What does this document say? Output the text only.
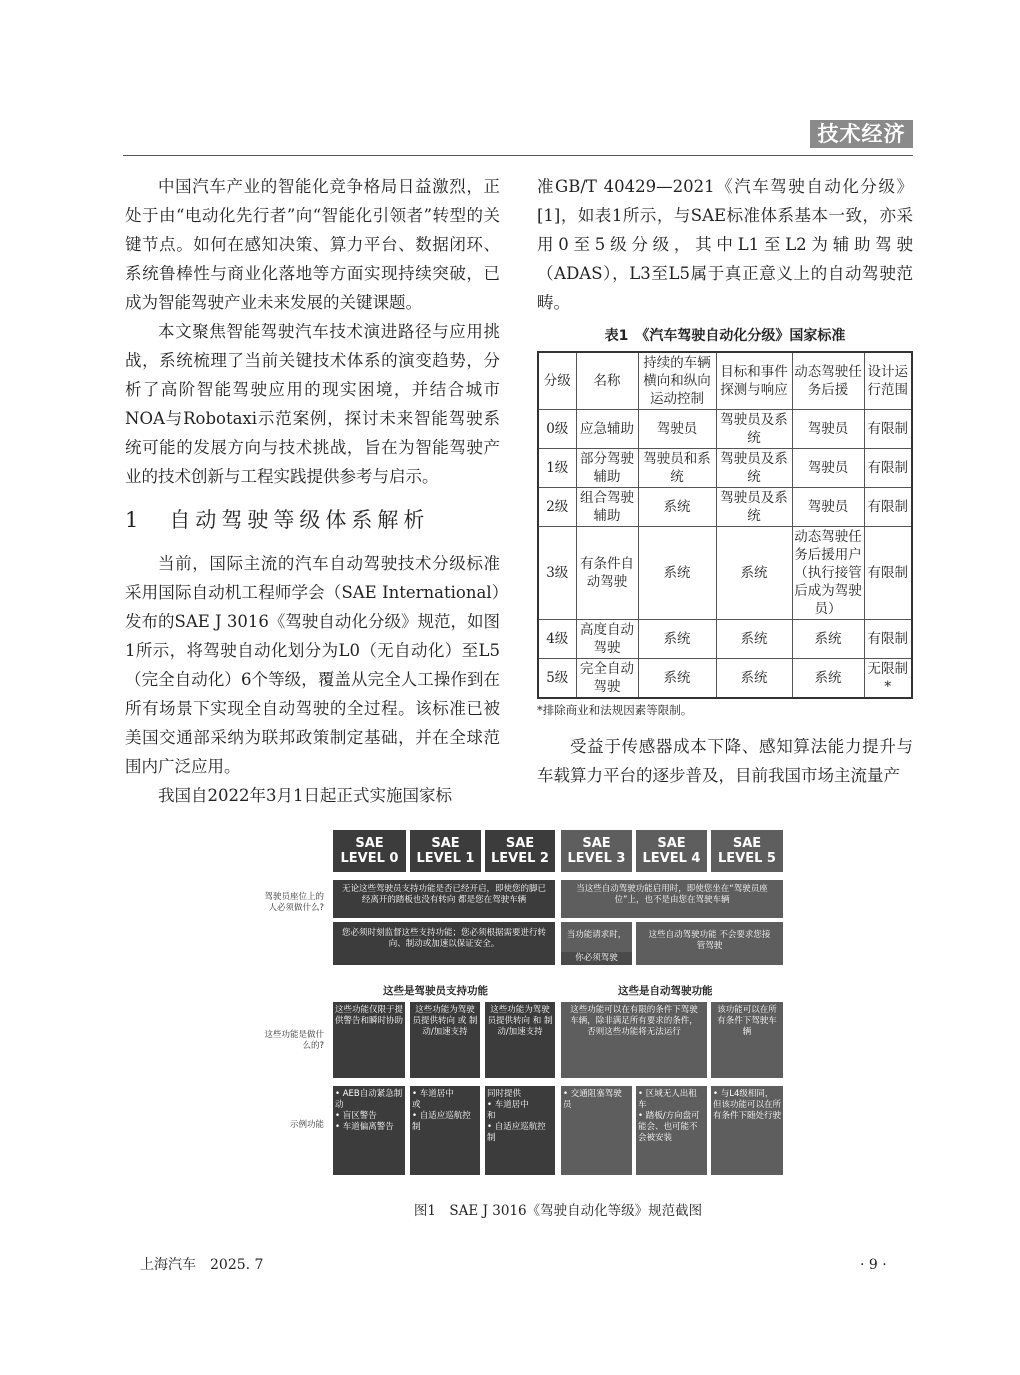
技术经济

中国汽车产业的智能化竞争格局日益激烈，正处于由“电动化先行者”向“智能化引领者”转型的关键节点。如何在感知决策、算力平台、数据闭环、系统鲁棒性与商业化落地等方面实现持续突破，已成为智能驾驶产业未来发展的关键课题。

本文聚焦智能驾驶汽车技术演进路径与应用挑战，系统梳理了当前关键技术体系的演变趋势，分析了高阶智能驾驶应用的现实困境，并结合城市NOA与Robotaxi示范案例，探讨未来智能驾驶系统可能的发展方向与技术挑战，旨在为智能驾驶产业的技术创新与工程实践提供参考与启示。

1　自动驾驶等级体系解析

当前，国际主流的汽车自动驾驶技术分级标准采用国际自动机工程师学会（SAE International）发布的SAE J 3016《驾驶自动化分级》规范，如图1所示，将驾驶自动化划分为L0（无自动化）至L5（完全自动化）6个等级，覆盖从完全人工操作到在所有场景下实现全自动驾驶的全过程。该标准已被美国交通部采纳为联邦政策制定基础，并在全球范围内广泛应用。

我国自2022年3月1日起正式实施国家标

准GB/T 40429—2021《汽车驾驶自动化分级》[1]，如表1所示，与SAE标准体系基本一致，亦采用0至5级分级，其中L1至L2为辅助驾驶（ADAS），L3至L5属于真正意义上的自动驾驶范畴。

表1　《汽车驾驶自动化分级》国家标准
分级	名称	持续的车辆横向和纵向运动控制	目标和事件探测与响应	动态驾驶任务后援	设计运行范围
0级	应急辅助	驾驶员	驾驶员及系统	驾驶员	有限制
1级	部分驾驶辅助	驾驶员和系统	驾驶员及系统	驾驶员	有限制
2级	组合驾驶辅助	系统	驾驶员及系统	驾驶员	有限制
3级	有条件自动驾驶	系统	系统	动态驾驶任务后援用户（执行接管后成为驾驶员）	有限制
4级	高度自动驾驶	系统	系统	系统	有限制
5级	完全自动驾驶	系统	系统	系统	无限制*
*排除商业和法规因素等限制。

受益于传感器成本下降、感知算法能力提升与车载算力平台的逐步普及，目前我国市场主流量产

SAE LEVEL 0
SAE LEVEL 1
SAE LEVEL 2
SAE LEVEL 3
SAE LEVEL 4
SAE LEVEL 5
驾驶员座位上的人必须做什么?
这些功能是做什么的?
示例功能
无论这些驾驶员支持功能是否已经开启，即使您的脚已经离开的踏板也没有转向 都是您在驾驶车辆
当这些自动驾驶功能启用时，即使您坐在“驾驶员座位”上，也不是由您在驾驶车辆
您必须时刻监督这些支持功能；您必须根据需要进行转向、制动或加速以保证安全。
当功能请求时，
你必须驾驶
这些自动驾驶功能 不会要求您接管驾驶
这些是驾驶员支持功能	这些是自动驾驶功能
这些功能仅限于提供警告和瞬时协助
这些功能为驾驶员提供转向 或 制动/加速支持
这些功能为驾驶员提供转向 和 制动/加速支持
这些功能可以在有限的条件下驾驶车辆，除非满足所有要求的条件，否则这些功能将无法运行
该功能可以在所有条件下驾驶车辆
• AEB自动紧急制动
• 盲区警告
• 车道偏离警告
• 车道居中
或
• 自适应巡航控制
同时提供
• 车道居中
和
• 自适应巡航控制
• 交通阻塞驾驶员
• 区域无人出租车
• 踏板/方向盘可能会、也可能不会被安装
• 与L4级相同，但该功能可以在所有条件下随处行驶
图1　SAE J 3016《驾驶自动化等级》规范截图
上海汽车　2025. 7	· 9 ·
